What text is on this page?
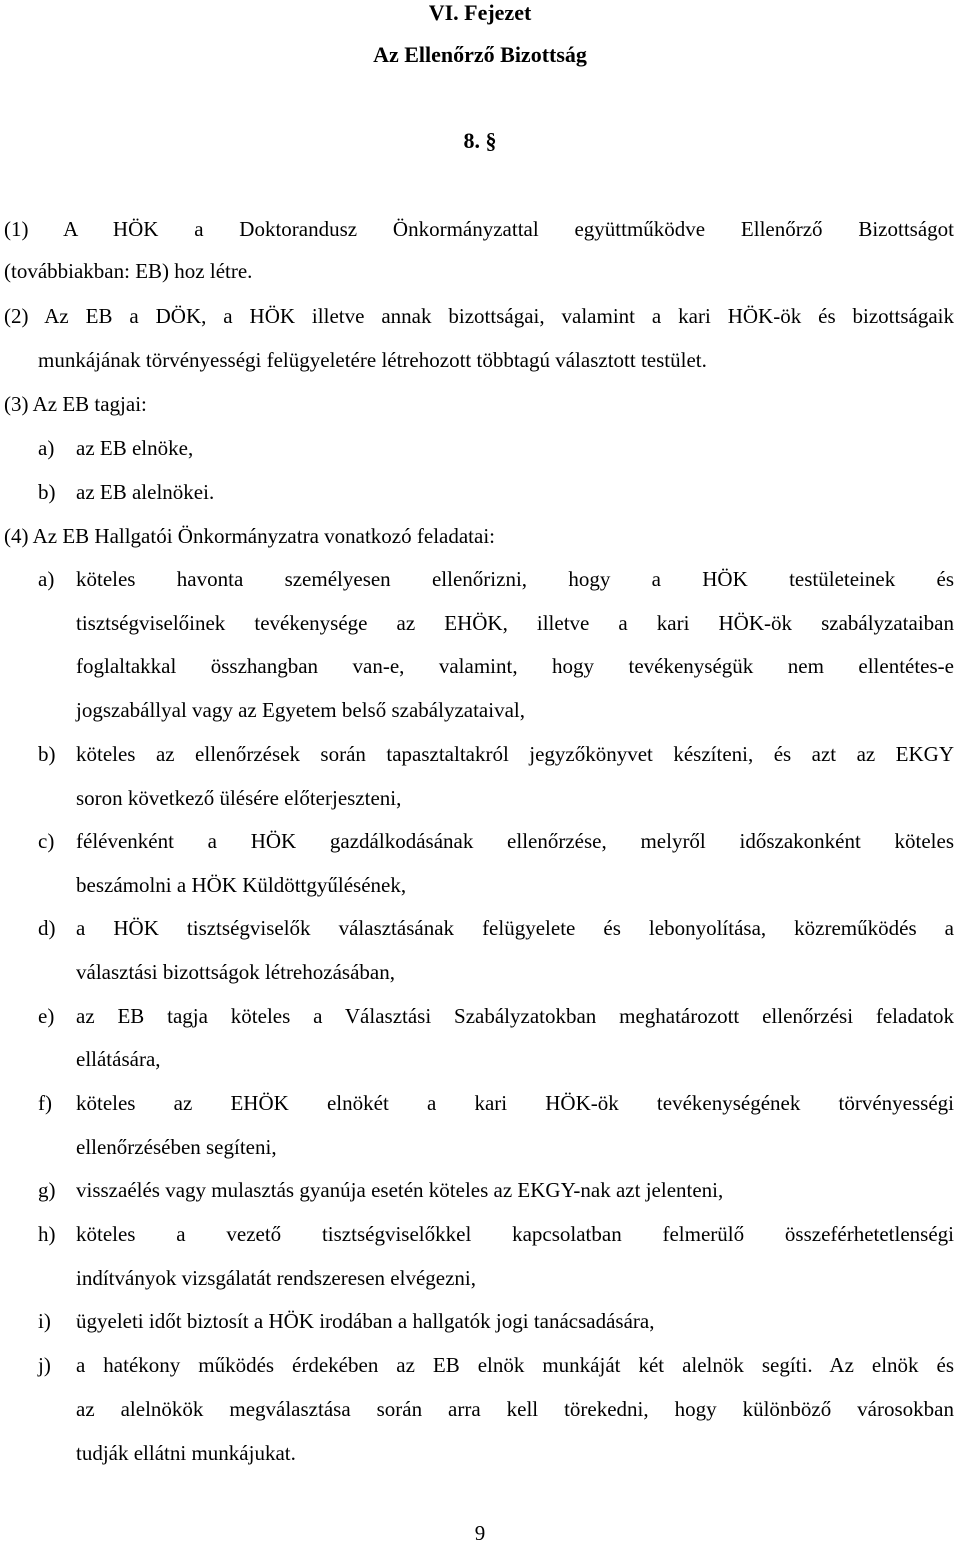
VI. Fejezet
Az Ellenőrző Bizottság
8. §
(1) A HÖK a Doktorandusz Önkormányzattal együttműködve Ellenőrző Bizottságot
(továbbiakban: EB) hoz létre.
(2) Az EB a DÖK, a HÖK illetve annak bizottságai, valamint a kari HÖK-ök és bizottságaik
munkájának törvényességi felügyeletére létrehozott többtagú választott testület.
(3) Az EB tagjai:
a) az EB elnöke,
b) az EB alelnökei.
(4) Az EB Hallgatói Önkormányzatra vonatkozó feladatai:
a) köteles havonta személyesen ellenőrizni, hogy a HÖK testületeinek és
tisztségviselőinek tevékenysége az EHÖK, illetve a kari HÖK-ök szabályzataiban
foglaltakkal összhangban van-e, valamint, hogy tevékenységük nem ellentétes-e
jogszabállyal vagy az Egyetem belső szabályzataival,
b) köteles az ellenőrzések során tapasztaltakról jegyzőkönyvet készíteni, és azt az EKGY
soron következő ülésére előterjeszteni,
c) félévenként a HÖK gazdálkodásának ellenőrzése, melyről időszakonként köteles
beszámolni a HÖK Küldöttgyűlésének,
d) a HÖK tisztségviselők választásának felügyelete és lebonyolítása, közreműködés a
választási bizottságok létrehozásában,
e) az EB tagja köteles a Választási Szabályzatokban meghatározott ellenőrzési feladatok
ellátására,
f) köteles az EHÖK elnökét a kari HÖK-ök tevékenységének törvényességi
ellenőrzésében segíteni,
g) visszaélés vagy mulasztás gyanúja esetén köteles az EKGY-nak azt jelenteni,
h) köteles a vezető tisztségviselőkkel kapcsolatban felmerülő összeférhetetlenségi
indítványok vizsgálatát rendszeresen elvégezni,
i) ügyeleti időt biztosít a HÖK irodában a hallgatók jogi tanácsadására,
j) a hatékony működés érdekében az EB elnök munkáját két alelnök segíti. Az elnök és
az alelnökök megválasztása során arra kell törekedni, hogy különböző városokban
tudják ellátni munkájukat.
9
